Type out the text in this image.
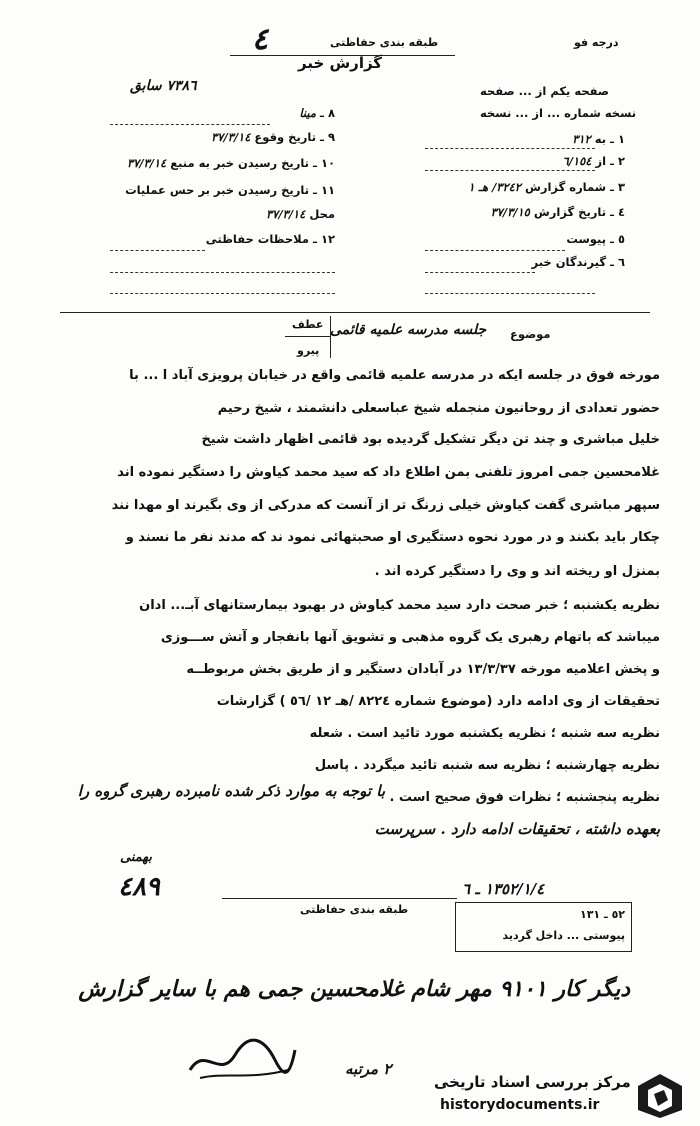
طبقه بندی حفاظتی
٤	درجه فو
گزارش خبر
صفحه یکم از ... صفحه
٧٣٨٦ سابق
نسخه شماره ... از ... نسخه
١ ـ به ٣١٢
٢ ـ از ٦/١٥٤
٣ ـ شماره گزارش ٣٢٤٢/ هـ ١
٤ ـ تاریخ گزارش ٣٧/٣/١٥
٥ ـ پیوست
٦ ـ گیرندگان خبر
٨ ـ مینا
٩ ـ تاریخ وقوع ٣٧/٣/١٤
١٠ ـ تاریخ رسیدن خبر به منبع ٣٧/٣/١٤
١١ ـ تاریخ رسیدن خبر بر حس عملیات
محل ٣٧/٣/١٤
١٢ ـ ملاحظات حفاظتی
موضوع
جلسه مدرسه علمیه قائمی
عطف
پیرو
مورخه فوق در جلسه ایکه در مدرسه علمیه قائمی واقع در خیابان پرویزی آباد ا ... با
حضور تعدادی از روحانیون منجمله شیخ عباسعلی دانشمند ، شیخ رحیم
خلیل مباشری و چند تن دیگر تشکیل گردیده بود قائمی اظهار داشت شیخ
غلامحسین جمی امروز تلفنی بمن اطلاع داد که سید محمد کیاوش را دستگیر نموده اند
سپهر مباشری گفت کیاوش خیلی زرنگ تر از آنست که مدرکی از وی بگیرند او مهدا نند
چکار باید بکنند و در مورد نحوه دستگیری او صحبتهائی نمود ند که مدند نفر ما نسند و
بمنزل او ریخته اند و وی را دستگیر کرده اند .
نظریه یکشنبه ؛ خبر صحت دارد سید محمد کیاوش در بهبود بیمارستانهای آبـ... ادان
میباشد که باتهام رهبری یک گروه مذهبی و تشویق آنها بانفجار و آتش ســـوزی
و پخش اعلامیه مورخه ١٣/٣/٣٧ در آبادان دستگیر و از طریق بخش مربوطــه
تحقیقات از وی ادامه دارد (موضوع شماره ٨٢٢٤ /هـ ١٢ /٥٦ ) گزارشات
نظریه سه شنبه ؛ نظریه یکشنبه مورد تائید است . شعله
نظریه چهارشنبه ؛ نظریه سه شنبه تائید میگردد . پاسل
نظریه پنجشنبه ؛ نظرات فوق صحیح است .
با توجه به موارد ذکر شده نامبرده رهبری گروه را
بعهده داشته ، تحقیقات ادامه دارد . سرپرست
بهمنی
٤٨٩	١٣٥٢/١/٤ ـ ٦
طبقه بندی حفاظتی	٥٢ ـ ١٣١
پیوستی ... داخل گردید
دیگر کار ٩١٠١ مهر شام غلامحسین جمی هم با سایر گزارش
٢ مرتبه
مرکز بررسی اسناد تاریخی
historydocuments.ir
